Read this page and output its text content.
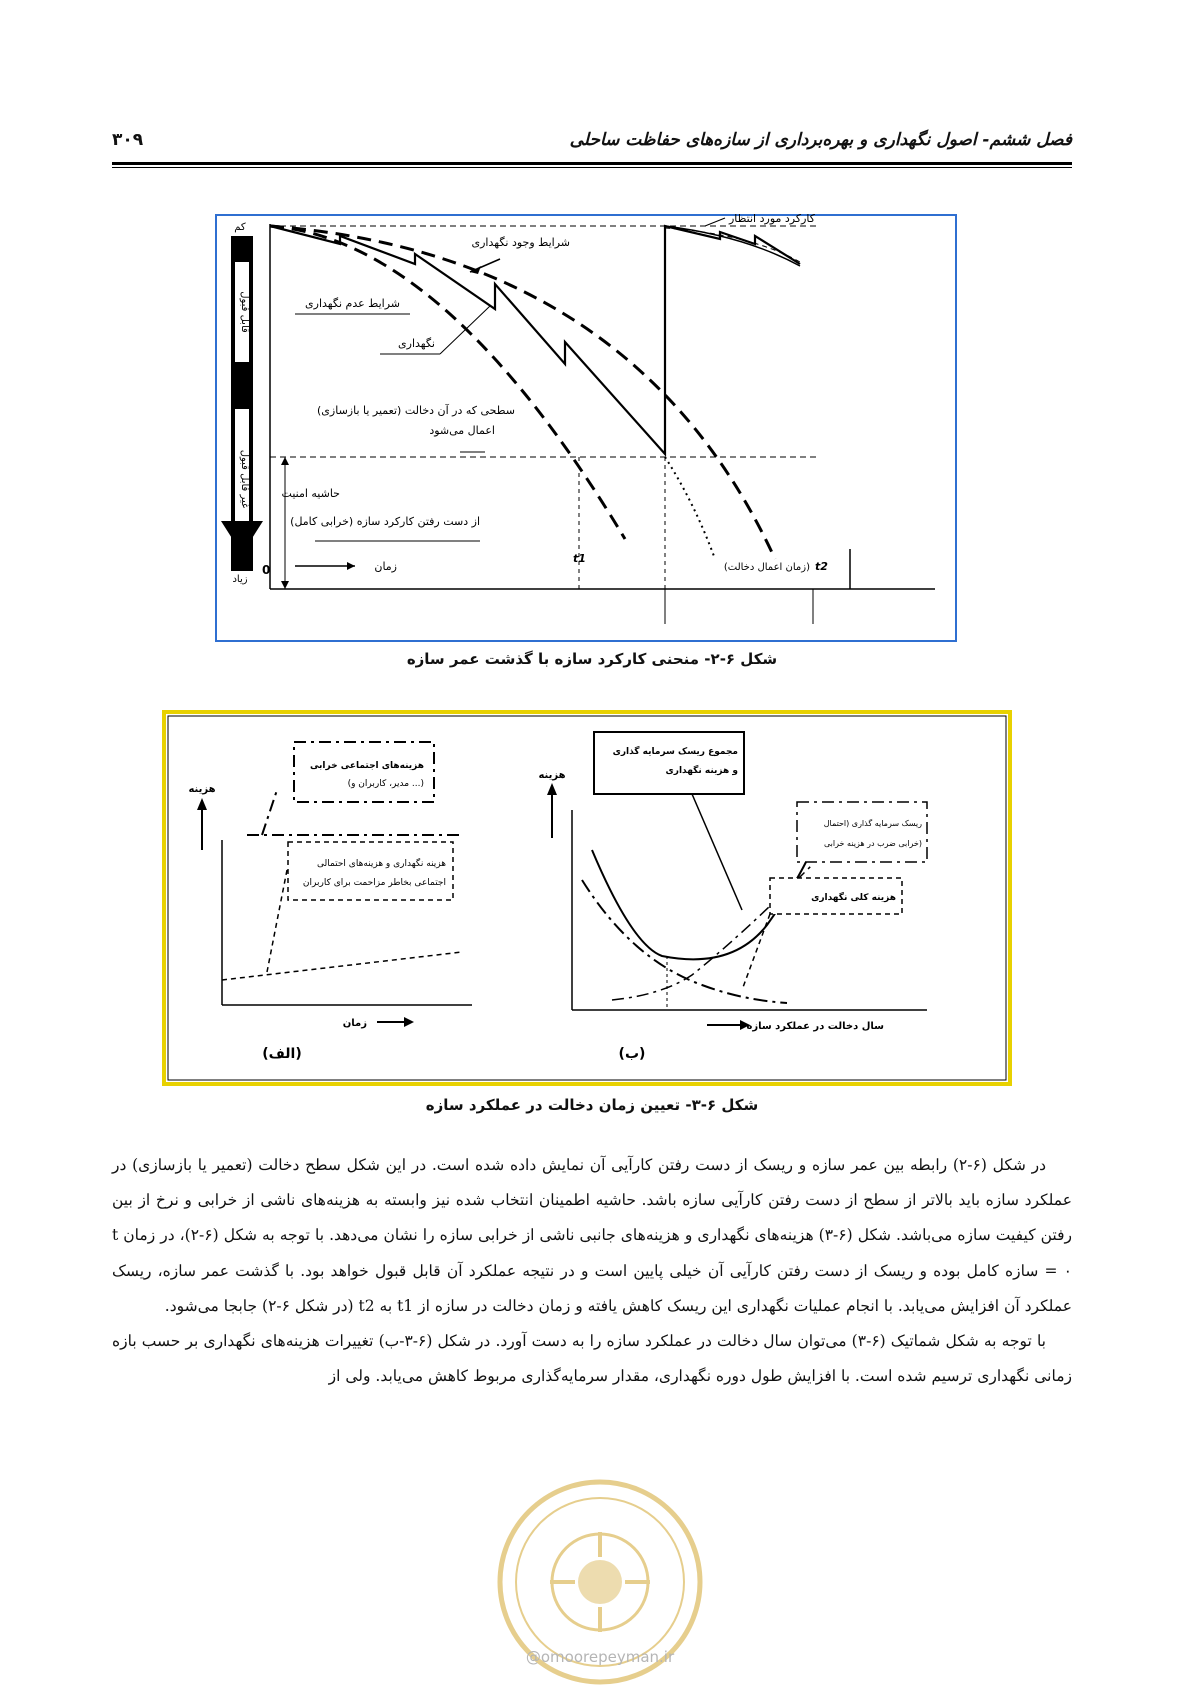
فصل ششم- اصول نگهداری و بهره‌برداری از سازه‌های حفاظت ساحلی
۳۰۹
قابل قبول
غیر قابل قبول
کم
زیاد
0
کارکرد مورد انتظار
شرایط وجود نگهداری
شرایط عدم نگهداری
نگهداری
سطحی که در آن دخالت (تعمیر یا بازسازی)
اعمال می‌شود
حاشیه امنیت
از دست رفتن کارکرد سازه (خرابی کامل)
زمان
t1
t2
(زمان اعمال دخالت)
شکل ۶-۲- منحنی کارکرد سازه با گذشت عمر سازه
هزینه
زمان
(الف)
هزینه‌های اجتماعی خرابی
(مدیر، کاربران و ...)
هزینه نگهداری و هزینه‌های احتمالی
اجتماعی بخاطر مزاحمت برای کاربران
هزینه
سال دخالت در عملکرد سازه
(ب)
مجموع ریسک سرمایه گذاری
و هزینه نگهداری
ریسک سرمایه گذاری (احتمال
خرابی ضرب در هزینه خرابی)
هزینه کلی نگهداری
شکل ۶-۳- تعیین زمان دخالت در عملکرد سازه

در شکل (۶-۲) رابطه بین عمر سازه و ریسک از دست رفتن کارآیی آن نمایش داده شده است. در این شکل سطح دخالت (تعمیر یا بازسازی) در عملکرد سازه باید بالاتر از سطح از دست رفتن کارآیی سازه باشد. حاشیه اطمینان انتخاب شده نیز وابسته به هزینه‌های ناشی از خرابی و نرخ از بین رفتن کیفیت سازه می‌باشد. شکل (۶-۳) هزینه‌های نگهداری و هزینه‌های جانبی ناشی از خرابی سازه را نشان می‌دهد. با توجه به شکل (۶-۲)، در زمان t = ۰ سازه کامل بوده و ریسک از دست رفتن کارآیی آن خیلی پایین است و در نتیجه عملکرد آن قابل قبول خواهد بود. با گذشت عمر سازه، ریسک عملکرد آن افزایش می‌یابد. با انجام عملیات نگهداری این ریسک کاهش یافته و زمان دخالت در سازه از t1 به t2 (در شکل ۶-۲) جابجا می‌شود.

با توجه به شکل شماتیک (۶-۳) می‌توان سال دخالت در عملکرد سازه را به دست آورد. در شکل (۶-۳-ب) تغییرات هزینه‌های نگهداری بر حسب بازه زمانی نگهداری ترسیم شده است. با افزایش طول دوره نگهداری، مقدار سرمایه‌گذاری مربوط کاهش می‌یابد. ولی از

@omoorepeyman.ir
